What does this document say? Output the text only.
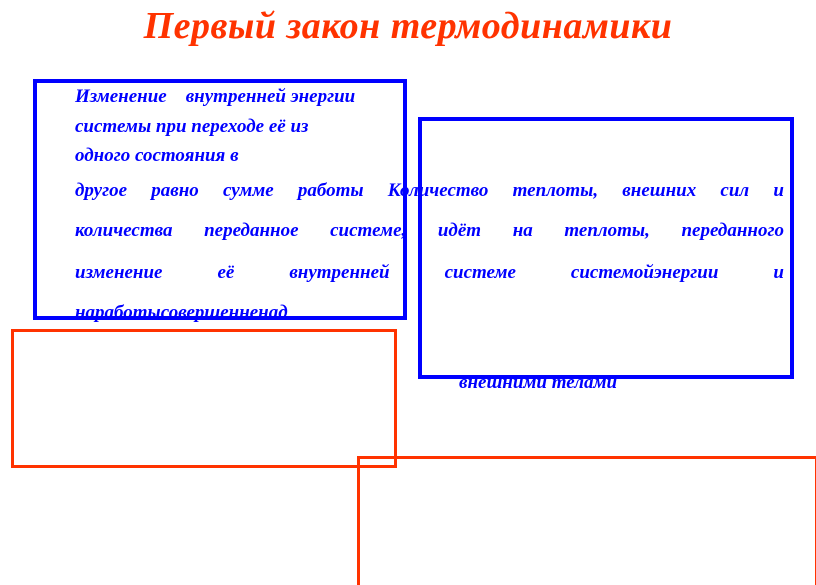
Первый закон термодинамики
Изменение    внутренней энергии
системы при переходе её из
одного состояния в
другое равно сумме работы Количество теплоты, внешних сил и
количества переданное системе, идёт на теплоты, переданного
изменение	её	внутренней	системе	системойэнергии	и
наработысовершенненад
внешними телами
